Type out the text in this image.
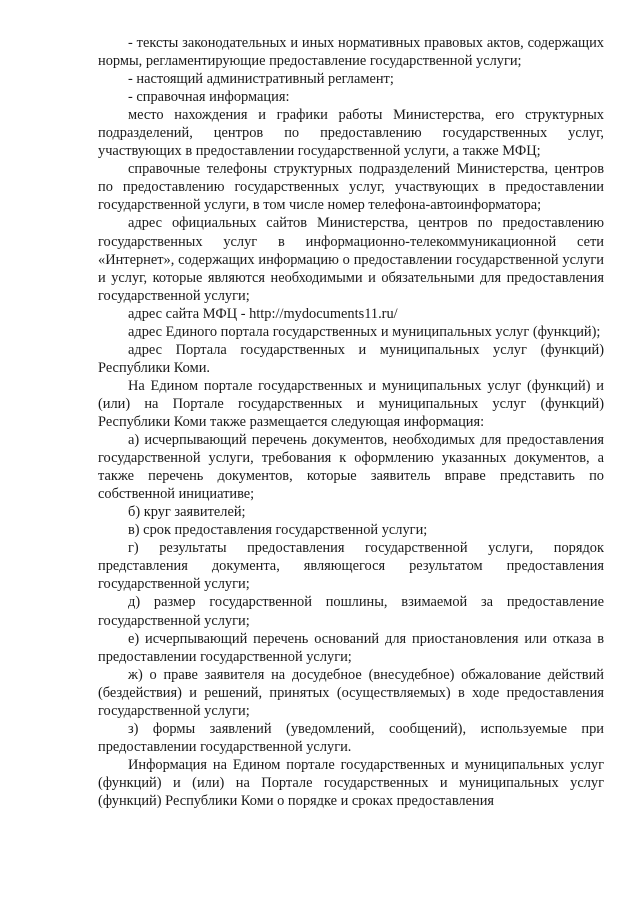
- тексты законодательных и иных нормативных правовых актов, содержащих нормы, регламентирующие предоставление государственной услуги;

- настоящий административный регламент;

- справочная информация:

место нахождения и графики работы Министерства, его структурных подразделений, центров по предоставлению государственных услуг, участвующих в предоставлении государственной услуги, а также МФЦ;

справочные телефоны структурных подразделений Министерства, центров по предоставлению государственных услуг, участвующих в предоставлении государственной услуги, в том числе номер телефона-автоинформатора;

адрес официальных сайтов Министерства, центров по предоставлению государственных услуг в информационно-телекоммуникационной сети «Интернет», содержащих информацию о предоставлении государственной услуги и услуг, которые являются необходимыми и обязательными для предоставления государственной услуги;

адрес сайта МФЦ - http://mydocuments11.ru/

адрес Единого портала государственных и муниципальных услуг (функций);

адрес Портала государственных и муниципальных услуг (функций) Республики Коми.

На Едином портале государственных и муниципальных услуг (функций) и (или) на Портале государственных и муниципальных услуг (функций) Республики Коми также размещается следующая информация:

а) исчерпывающий перечень документов, необходимых для предоставления государственной услуги, требования к оформлению указанных документов, а также перечень документов, которые заявитель вправе представить по собственной инициативе;

б) круг заявителей;

в) срок предоставления государственной услуги;

г) результаты предоставления государственной услуги, порядок представления документа, являющегося результатом предоставления государственной услуги;

д) размер государственной пошлины, взимаемой за предоставление государственной услуги;

е) исчерпывающий перечень оснований для приостановления или отказа в предоставлении государственной услуги;

ж) о праве заявителя на досудебное (внесудебное) обжалование действий (бездействия) и решений, принятых (осуществляемых) в ходе предоставления государственной услуги;

з) формы заявлений (уведомлений, сообщений), используемые при предоставлении государственной услуги.

Информация на Едином портале государственных и муниципальных услуг (функций) и (или) на Портале государственных и муниципальных услуг (функций) Республики Коми о порядке и сроках предоставления
